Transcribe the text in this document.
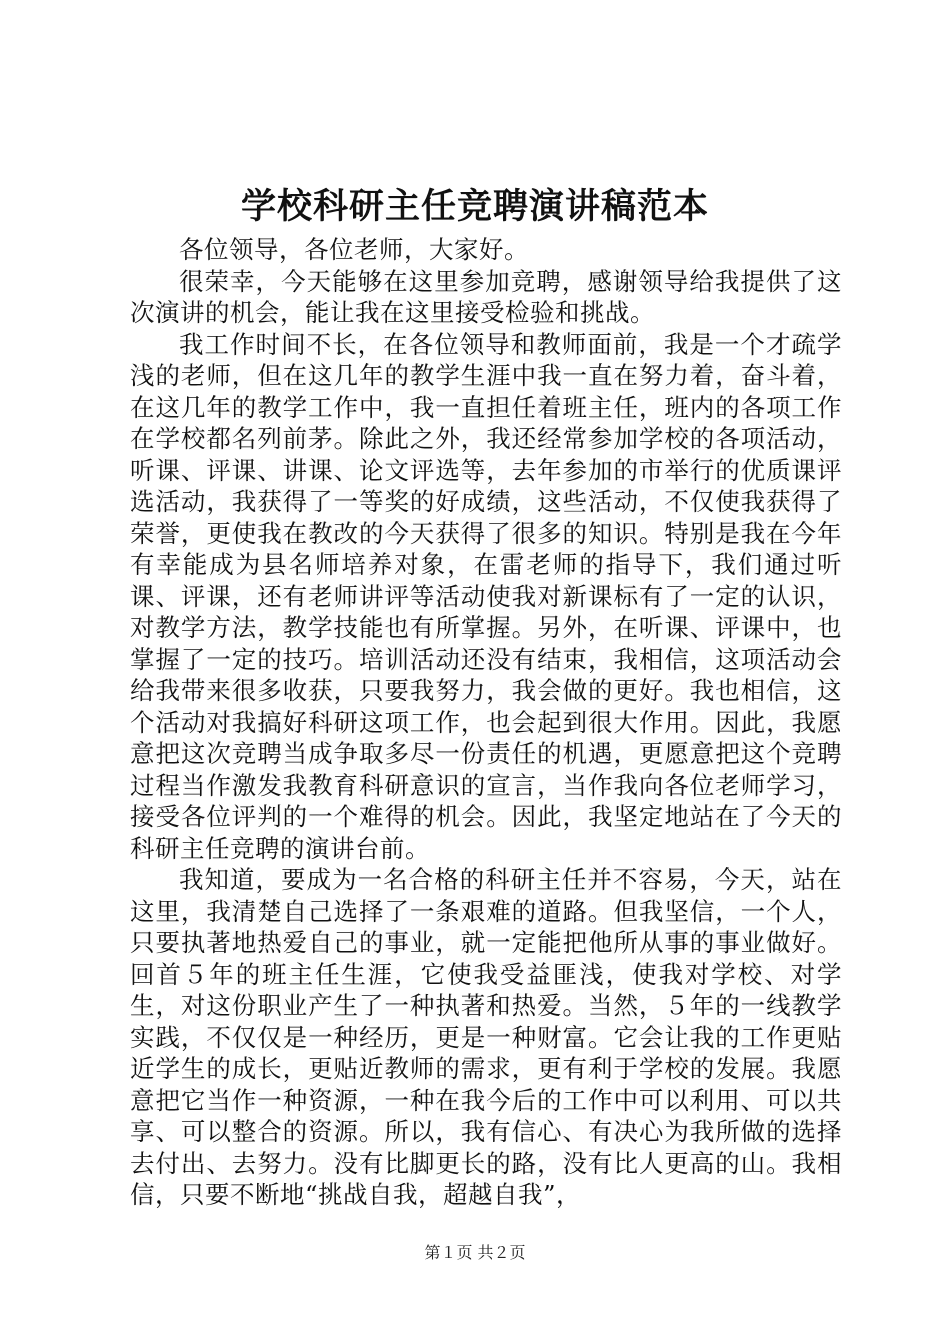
学校科研主任竞聘演讲稿范本

各位领导，各位老师，大家好。

很荣幸，今天能够在这里参加竞聘，感谢领导给我提供了这次演讲的机会，能让我在这里接受检验和挑战。

我工作时间不长，在各位领导和教师面前，我是一个才疏学浅的老师，但在这几年的教学生涯中我一直在努力着，奋斗着，在这几年的教学工作中，我一直担任着班主任，班内的各项工作在学校都名列前茅。除此之外，我还经常参加学校的各项活动，听课、评课、讲课、论文评选等，去年参加的市举行的优质课评选活动，我获得了一等奖的好成绩，这些活动，不仅使我获得了荣誉，更使我在教改的今天获得了很多的知识。特别是我在今年有幸能成为县名师培养对象，在雷老师的指导下，我们通过听课、评课，还有老师讲评等活动使我对新课标有了一定的认识，对教学方法，教学技能也有所掌握。另外，在听课、评课中，也掌握了一定的技巧。培训活动还没有结束，我相信，这项活动会给我带来很多收获，只要我努力，我会做的更好。我也相信，这个活动对我搞好科研这项工作，也会起到很大作用。因此，我愿意把这次竞聘当成争取多尽一份责任的机遇，更愿意把这个竞聘过程当作激发我教育科研意识的宣言，当作我向各位老师学习，接受各位评判的一个难得的机会。因此，我坚定地站在了今天的科研主任竞聘的演讲台前。

我知道，要成为一名合格的科研主任并不容易，今天，站在这里，我清楚自己选择了一条艰难的道路。但我坚信，一个人，只要执著地热爱自己的事业，就一定能把他所从事的事业做好。回首５年的班主任生涯，它使我受益匪浅，使我对学校、对学生，对这份职业产生了一种执著和热爱。当然，５年的一线教学实践，不仅仅是一种经历，更是一种财富。它会让我的工作更贴近学生的成长，更贴近教师的需求，更有利于学校的发展。我愿意把它当作一种资源，一种在我今后的工作中可以利用、可以共享、可以整合的资源。所以，我有信心、有决心为我所做的选择去付出、去努力。没有比脚更长的路，没有比人更高的山。我相信，只要不断地“挑战自我，超越自我”，

第１页 共２页
